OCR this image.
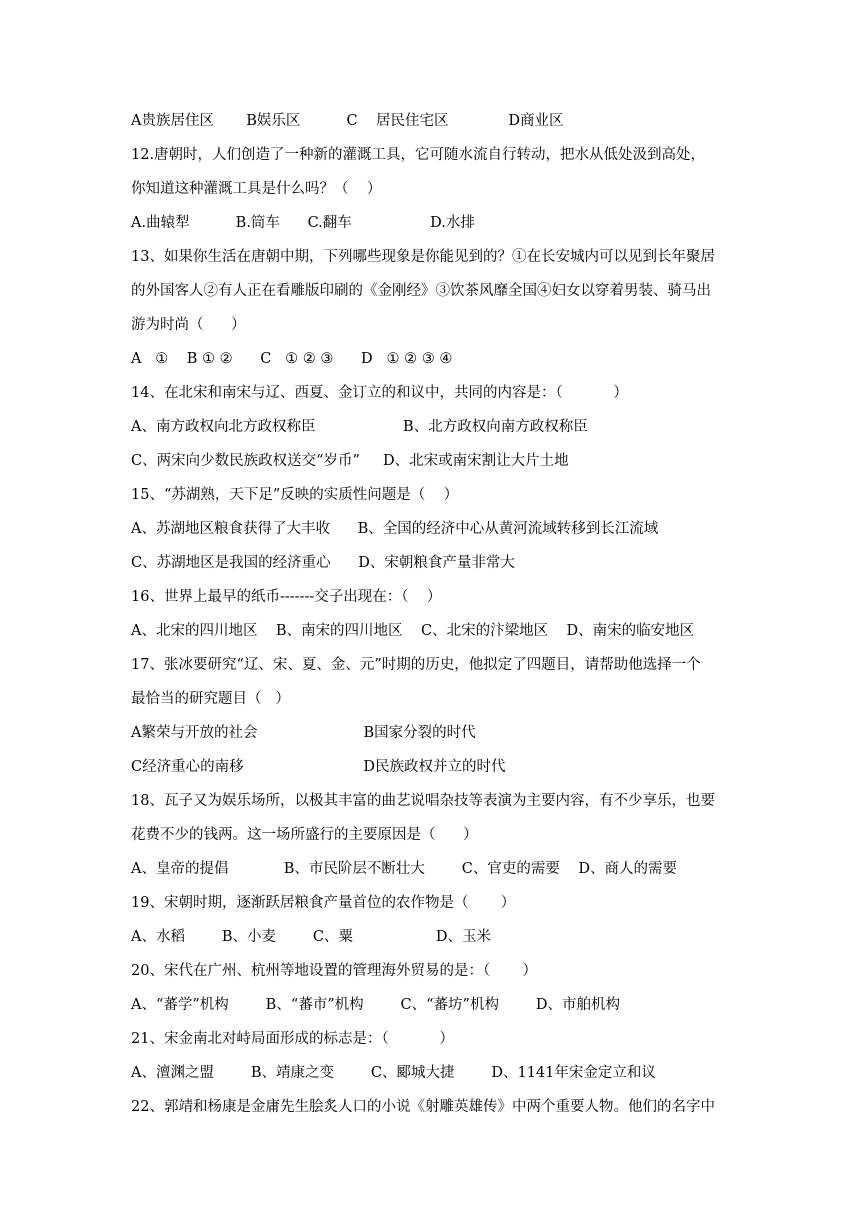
A贵族居住区       B娱乐区          C    居民住宅区             D商业区
12.唐朝时，人们创造了一种新的灌溉工具，它可随水流自行转动，把水从低处汲到高处，
你知道这种灌溉工具是什么吗？（    ）
A.曲辕犁          B.筒车      C.翻车                 D.水排
13、如果你生活在唐朝中期，下列哪些现象是你能见到的？①在长安城内可以见到长年聚居
的外国客人②有人正在看雕版印刷的《金刚经》③饮茶风靡全国④妇女以穿着男装、骑马出
游为时尚（      ）
A   ①    B ① ②      C   ① ② ③      D   ① ② ③ ④
14、在北宋和南宋与辽、西夏、金订立的和议中，共同的内容是：（           ）
A、南方政权向北方政权称臣                   B、北方政权向南方政权称臣
C、两宋向少数民族政权送交“岁币”     D、北宋或南宋割让大片土地
15、“苏湖熟，天下足”反映的实质性问题是（    ）
A、苏湖地区粮食获得了大丰收      B、全国的经济中心从黄河流域转移到长江流域
C、苏湖地区是我国的经济重心      D、宋朝粮食产量非常大
16、世界上最早的纸币-------交子出现在：（    ）
A、北宋的四川地区    B、南宋的四川地区    C、北宋的汴梁地区    D、南宋的临安地区
17、张冰要研究“辽、宋、夏、金、元”时期的历史，他拟定了四题目，请帮助他选择一个
最恰当的研究题目（   ）
A繁荣与开放的社会                       B国家分裂的时代
C经济重心的南移                          D民族政权并立的时代
18、瓦子又为娱乐场所，以极其丰富的曲艺说唱杂技等表演为主要内容，有不少享乐，也要
花费不少的钱两。这一场所盛行的主要原因是（      ）
A、皇帝的提倡            B、市民阶层不断壮大        C、官吏的需要    D、商人的需要
19、宋朝时期，逐渐跃居粮食产量首位的农作物是（       ）
A、水稻        B、小麦        C、粟                  D、玉米
20、宋代在广州、杭州等地设置的管理海外贸易的是：（       ）
A、“蕃学”机构        B、“蕃市”机构        C、“蕃坊”机构        D、市舶机构
21、宋金南北对峙局面形成的标志是：（           ）
A、澶渊之盟        B、靖康之变        C、郾城大捷        D、1141年宋金定立和议
22、郭靖和杨康是金庸先生脍炙人口的小说《射雕英雄传》中两个重要人物。他们的名字中
